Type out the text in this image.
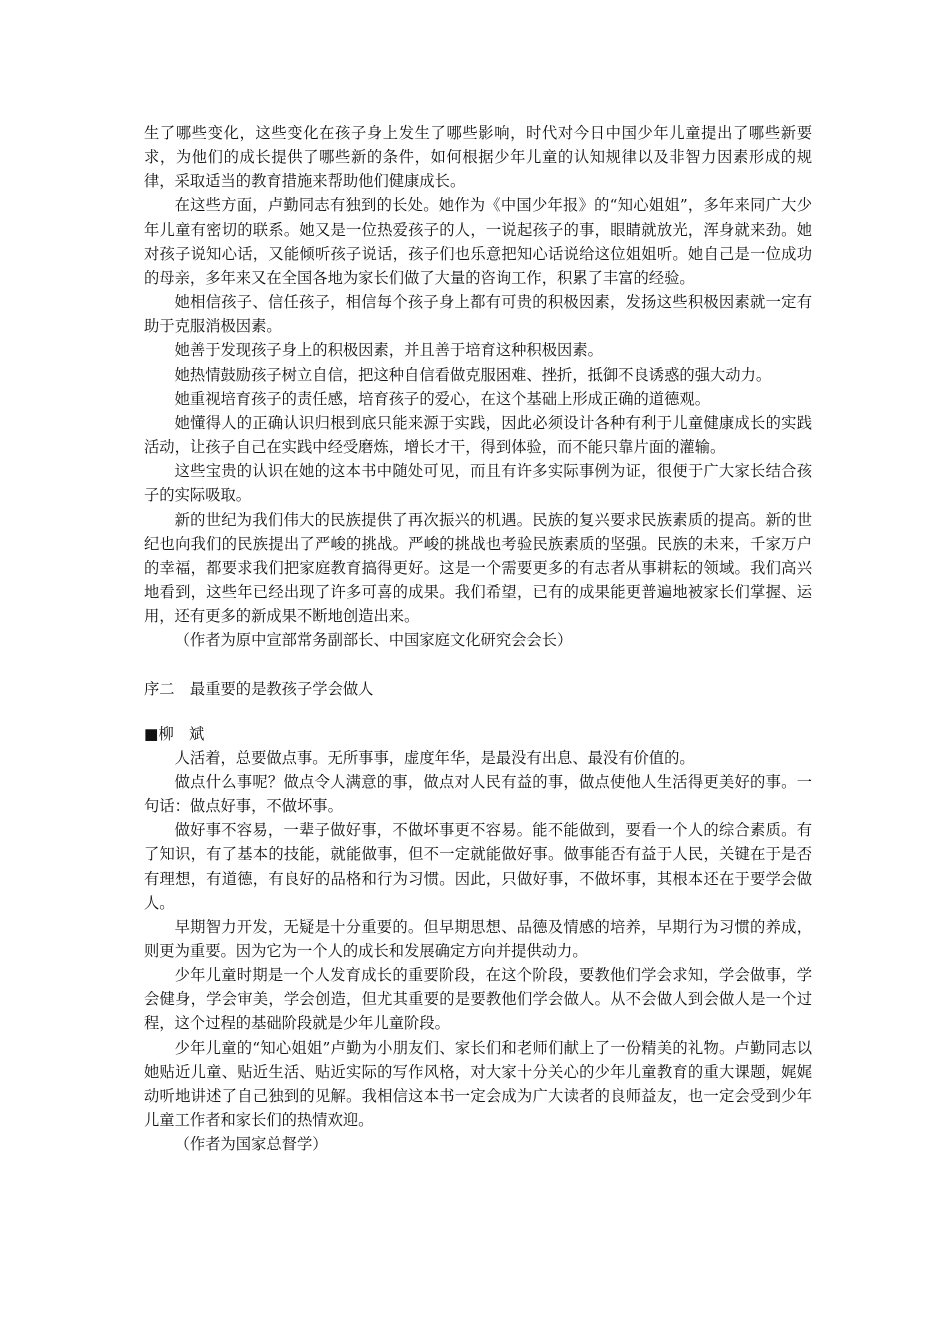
生了哪些变化，这些变化在孩子身上发生了哪些影响，时代对今日中国少年儿童提出了哪些新要求，为他们的成长提供了哪些新的条件，如何根据少年儿童的认知规律以及非智力因素形成的规律，采取适当的教育措施来帮助他们健康成长。

在这些方面，卢勤同志有独到的长处。她作为《中国少年报》的“知心姐姐”，多年来同广大少年儿童有密切的联系。她又是一位热爱孩子的人，一说起孩子的事，眼睛就放光，浑身就来劲。她对孩子说知心话，又能倾听孩子说话，孩子们也乐意把知心话说给这位姐姐听。她自己是一位成功的母亲，多年来又在全国各地为家长们做了大量的咨询工作，积累了丰富的经验。

她相信孩子、信任孩子，相信每个孩子身上都有可贵的积极因素，发扬这些积极因素就一定有助于克服消极因素。

她善于发现孩子身上的积极因素，并且善于培育这种积极因素。

她热情鼓励孩子树立自信，把这种自信看做克服困难、挫折，抵御不良诱惑的强大动力。

她重视培育孩子的责任感，培育孩子的爱心，在这个基础上形成正确的道德观。

她懂得人的正确认识归根到底只能来源于实践，因此必须设计各种有利于儿童健康成长的实践活动，让孩子自己在实践中经受磨炼，增长才干，得到体验，而不能只靠片面的灌输。

这些宝贵的认识在她的这本书中随处可见，而且有许多实际事例为证，很便于广大家长结合孩子的实际吸取。

新的世纪为我们伟大的民族提供了再次振兴的机遇。民族的复兴要求民族素质的提高。新的世纪也向我们的民族提出了严峻的挑战。严峻的挑战也考验民族素质的坚强。民族的未来，千家万户的幸福，都要求我们把家庭教育搞得更好。这是一个需要更多的有志者从事耕耘的领域。我们高兴地看到，这些年已经出现了许多可喜的成果。我们希望，已有的成果能更普遍地被家长们掌握、运用，还有更多的新成果不断地创造出来。

（作者为原中宣部常务副部长、中国家庭文化研究会会长）

序二　最重要的是教孩子学会做人

■柳　斌

人活着，总要做点事。无所事事，虚度年华，是最没有出息、最没有价值的。

做点什么事呢？做点令人满意的事，做点对人民有益的事，做点使他人生活得更美好的事。一句话：做点好事，不做坏事。

做好事不容易，一辈子做好事，不做坏事更不容易。能不能做到，要看一个人的综合素质。有了知识，有了基本的技能，就能做事，但不一定就能做好事。做事能否有益于人民，关键在于是否有理想，有道德，有良好的品格和行为习惯。因此，只做好事，不做坏事，其根本还在于要学会做人。

早期智力开发，无疑是十分重要的。但早期思想、品德及情感的培养，早期行为习惯的养成，则更为重要。因为它为一个人的成长和发展确定方向并提供动力。

少年儿童时期是一个人发育成长的重要阶段，在这个阶段，要教他们学会求知，学会做事，学会健身，学会审美，学会创造，但尤其重要的是要教他们学会做人。从不会做人到会做人是一个过程，这个过程的基础阶段就是少年儿童阶段。

少年儿童的“知心姐姐”卢勤为小朋友们、家长们和老师们献上了一份精美的礼物。卢勤同志以她贴近儿童、贴近生活、贴近实际的写作风格，对大家十分关心的少年儿童教育的重大课题，娓娓动听地讲述了自己独到的见解。我相信这本书一定会成为广大读者的良师益友，也一定会受到少年儿童工作者和家长们的热情欢迎。

（作者为国家总督学）
